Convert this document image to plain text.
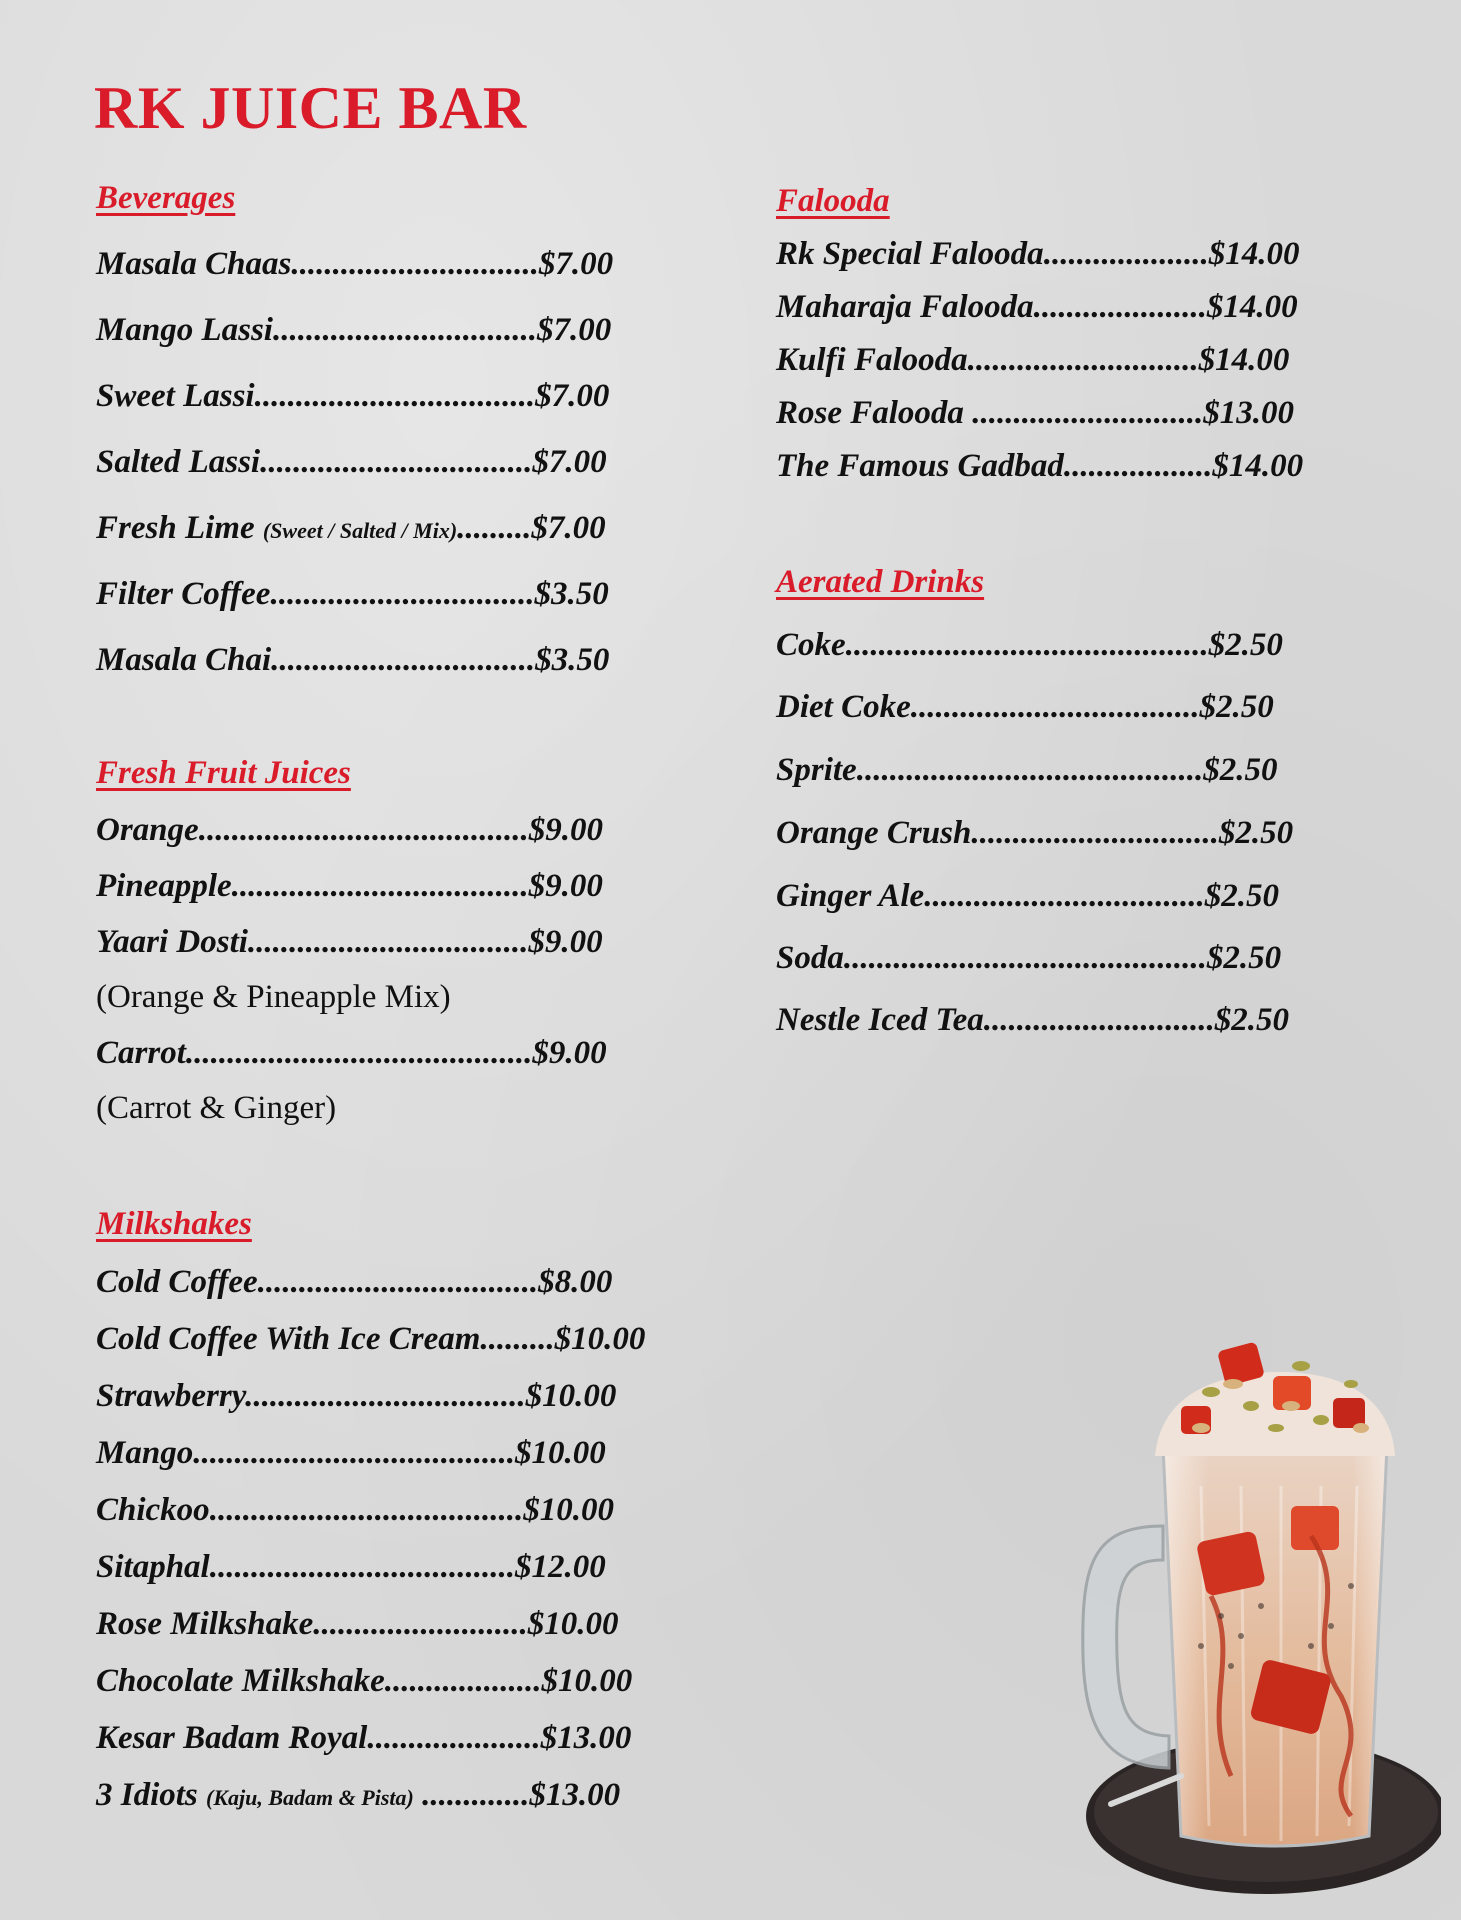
RK JUICE BAR
Beverages
Masala Chaas..............................$7.00
Mango Lassi................................$7.00
Sweet Lassi..................................$7.00
Salted Lassi.................................$7.00
Fresh Lime (Sweet / Salted / Mix).........$7.00
Filter Coffee................................$3.50
Masala Chai................................$3.50
Fresh Fruit Juices
Orange........................................$9.00
Pineapple....................................$9.00
Yaari Dosti..................................$9.00
(Orange & Pineapple Mix)
Carrot..........................................$9.00
(Carrot & Ginger)
Milkshakes
Cold Coffee..................................$8.00
Cold Coffee With Ice Cream.........$10.00
Strawberry..................................$10.00
Mango.......................................$10.00
Chickoo......................................$10.00
Sitaphal.....................................$12.00
Rose Milkshake..........................$10.00
Chocolate Milkshake...................$10.00
Kesar Badam Royal.....................$13.00
3 Idiots (Kaju, Badam & Pista) .............$13.00
Falooda
Rk Special Falooda....................$14.00
Maharaja Falooda.....................$14.00
Kulfi Falooda............................$14.00
Rose Falooda ............................$13.00
The Famous Gadbad..................$14.00
Aerated Drinks
Coke............................................$2.50
Diet Coke...................................$2.50
Sprite..........................................$2.50
Orange Crush..............................$2.50
Ginger Ale..................................$2.50
Soda............................................$2.50
Nestle Iced Tea............................$2.50
